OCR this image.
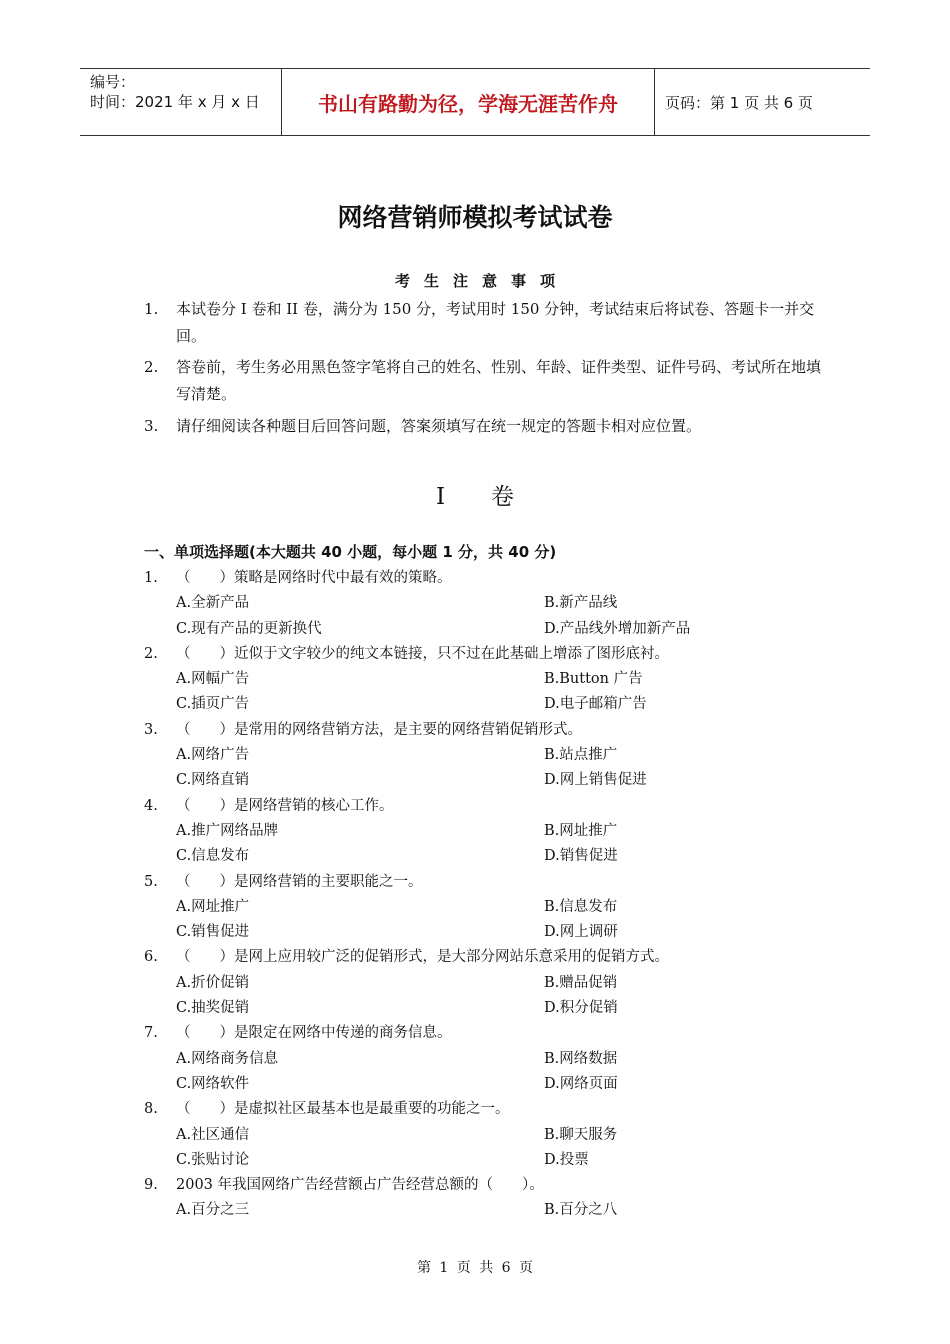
编号：
时间：2021 年 x 月 x 日	书山有路勤为径，学海无涯苦作舟	页码：第 1 页 共 6 页
网络营销师模拟考试试卷
考生注意事项
1. 本试卷分 I 卷和 II 卷，满分为 150 分，考试用时 150 分钟，考试结束后将试卷、答题卡一并交回。
2. 答卷前，考生务必用黑色签字笔将自己的姓名、性别、年龄、证件类型、证件号码、考试所在地填写清楚。
3. 请仔细阅读各种题目后回答问题，答案须填写在统一规定的答题卡相对应位置。
I　　卷
一、单项选择题(本大题共 40 小题，每小题 1 分，共 40 分)
1. （　　）策略是网络时代中最有效的策略。
A.全新产品	B.新产品线
C.现有产品的更新换代	D.产品线外增加新产品
2. （　　）近似于文字较少的纯文本链接，只不过在此基础上增添了图形底衬。
A.网幅广告	B.Button 广告
C.插页广告	D.电子邮箱广告
3. （　　）是常用的网络营销方法，是主要的网络营销促销形式。
A.网络广告	B.站点推广
C.网络直销	D.网上销售促进
4. （　　）是网络营销的核心工作。
A.推广网络品牌	B.网址推广
C.信息发布	D.销售促进
5. （　　）是网络营销的主要职能之一。
A.网址推广	B.信息发布
C.销售促进	D.网上调研
6. （　　）是网上应用较广泛的促销形式，是大部分网站乐意采用的促销方式。
A.折价促销	B.赠品促销
C.抽奖促销	D.积分促销
7. （　　）是限定在网络中传递的商务信息。
A.网络商务信息	B.网络数据
C.网络软件	D.网络页面
8. （　　）是虚拟社区最基本也是最重要的功能之一。
A.社区通信	B.聊天服务
C.张贴讨论	D.投票
9. 2003 年我国网络广告经营额占广告经营总额的（　　）。
A.百分之三	B.百分之八
第 1 页 共 6 页
